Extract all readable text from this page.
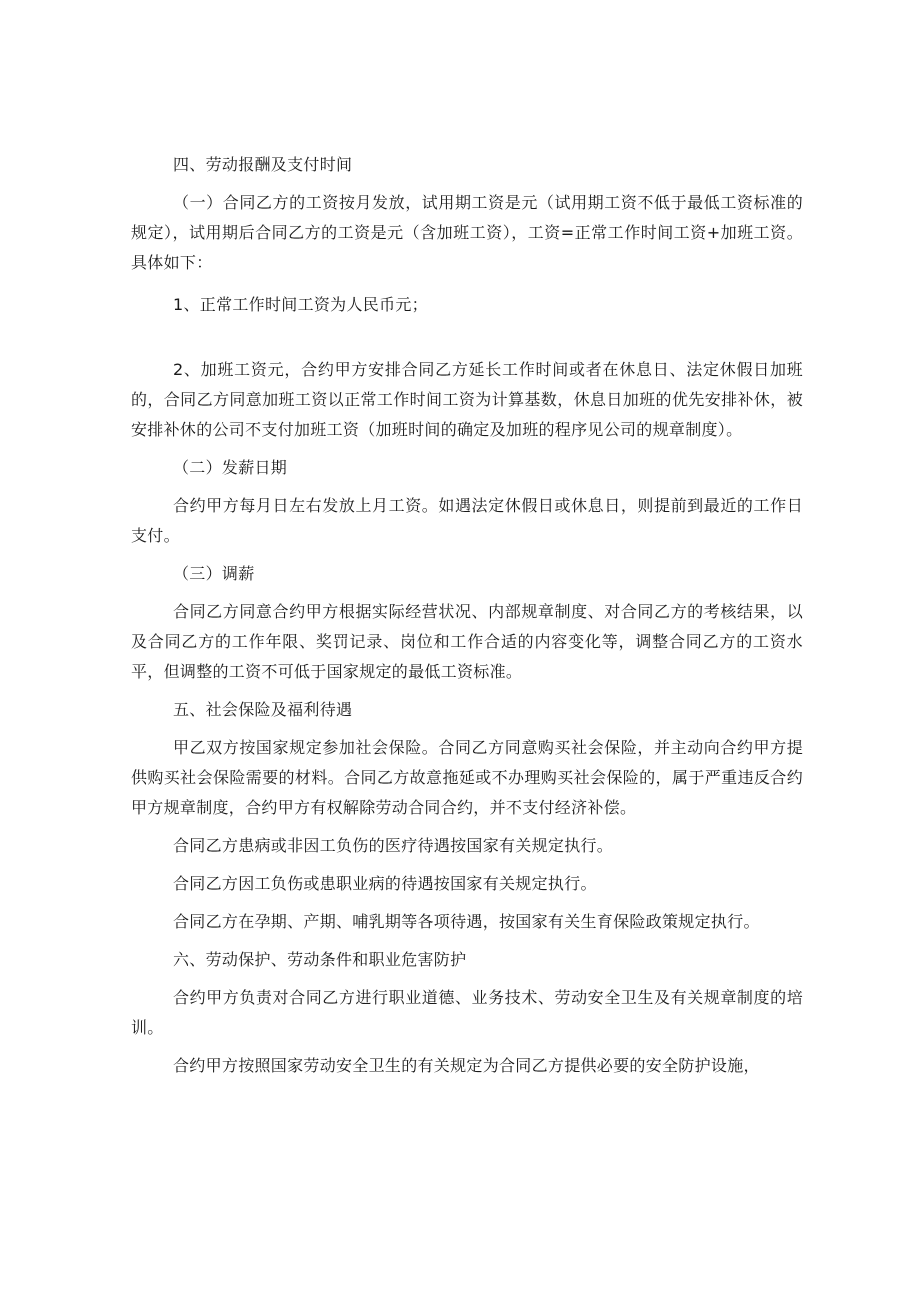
四、劳动报酬及支付时间

（一）合同乙方的工资按月发放，试用期工资是元（试用期工资不低于最低工资标准的规定），试用期后合同乙方的工资是元（含加班工资），工资=正常工作时间工资+加班工资。具体如下：

1、正常工作时间工资为人民币元；

2、加班工资元，合约甲方安排合同乙方延长工作时间或者在休息日、法定休假日加班的，合同乙方同意加班工资以正常工作时间工资为计算基数，休息日加班的优先安排补休，被安排补休的公司不支付加班工资（加班时间的确定及加班的程序见公司的规章制度）。

（二）发薪日期

合约甲方每月日左右发放上月工资。如遇法定休假日或休息日，则提前到最近的工作日支付。

（三）调薪

合同乙方同意合约甲方根据实际经营状况、内部规章制度、对合同乙方的考核结果，以及合同乙方的工作年限、奖罚记录、岗位和工作合适的内容变化等，调整合同乙方的工资水平，但调整的工资不可低于国家规定的最低工资标准。

五、社会保险及福利待遇

甲乙双方按国家规定参加社会保险。合同乙方同意购买社会保险，并主动向合约甲方提供购买社会保险需要的材料。合同乙方故意拖延或不办理购买社会保险的，属于严重违反合约甲方规章制度，合约甲方有权解除劳动合同合约，并不支付经济补偿。

合同乙方患病或非因工负伤的医疗待遇按国家有关规定执行。

合同乙方因工负伤或患职业病的待遇按国家有关规定执行。

合同乙方在孕期、产期、哺乳期等各项待遇，按国家有关生育保险政策规定执行。

六、劳动保护、劳动条件和职业危害防护

合约甲方负责对合同乙方进行职业道德、业务技术、劳动安全卫生及有关规章制度的培训。

合约甲方按照国家劳动安全卫生的有关规定为合同乙方提供必要的安全防护设施，
